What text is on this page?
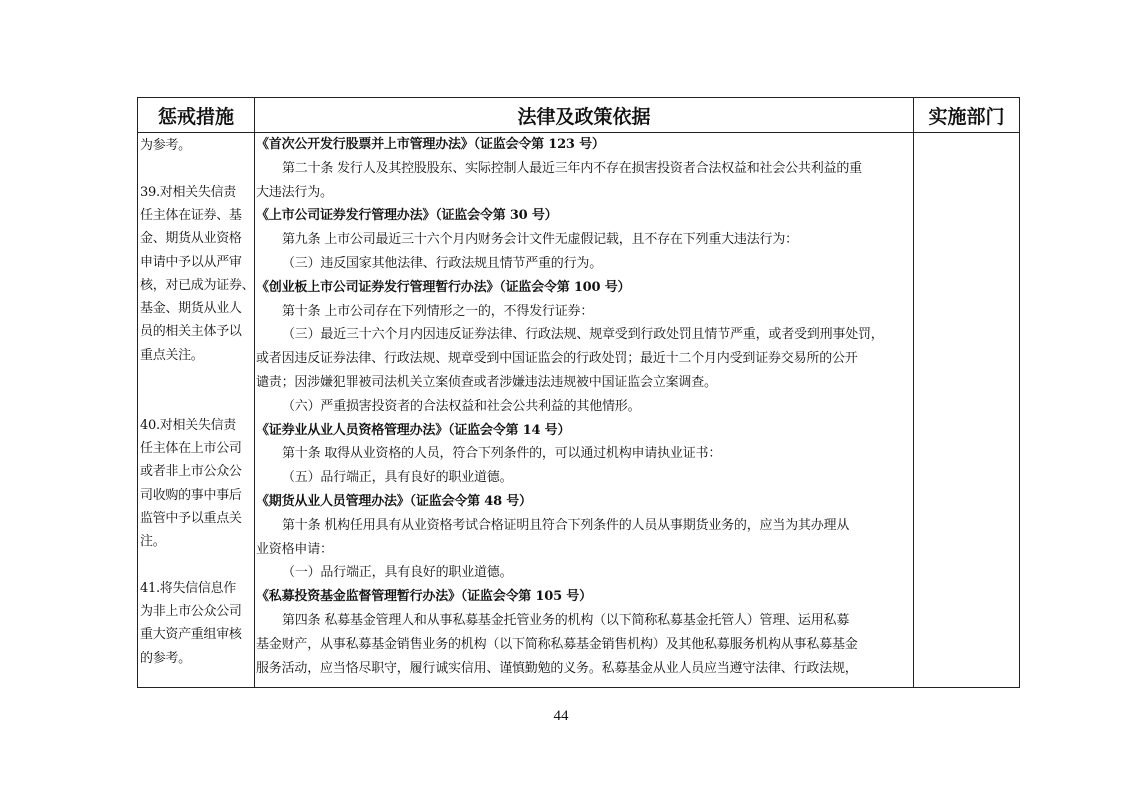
惩戒措施	法律及政策依据	实施部门
为参考。
39.对相关失信责
任主体在证券、基
金、期货从业资格
申请中予以从严审
核，对已成为证券、
基金、期货从业人
员的相关主体予以
重点关注。
40.对相关失信责
任主体在上市公司
或者非上市公众公
司收购的事中事后
监管中予以重点关
注。
41.将失信信息作
为非上市公众公司
重大资产重组审核
的参考。
《首次公开发行股票并上市管理办法》（证监会令第 123 号）
第二十条 发行人及其控股股东、实际控制人最近三年内不存在损害投资者合法权益和社会公共利益的重
大违法行为。
《上市公司证券发行管理办法》（证监会令第 30 号）
第九条 上市公司最近三十六个月内财务会计文件无虚假记载，且不存在下列重大违法行为：
（三）违反国家其他法律、行政法规且情节严重的行为。
《创业板上市公司证券发行管理暂行办法》（证监会令第 100 号）
第十条 上市公司存在下列情形之一的，不得发行证券：
（三）最近三十六个月内因违反证券法律、行政法规、规章受到行政处罚且情节严重，或者受到刑事处罚，
或者因违反证券法律、行政法规、规章受到中国证监会的行政处罚；最近十二个月内受到证券交易所的公开
谴责；因涉嫌犯罪被司法机关立案侦查或者涉嫌违法违规被中国证监会立案调查。
（六）严重损害投资者的合法权益和社会公共利益的其他情形。
《证券业从业人员资格管理办法》（证监会令第 14 号）
第十条 取得从业资格的人员，符合下列条件的，可以通过机构申请执业证书：
（五）品行端正，具有良好的职业道德。
《期货从业人员管理办法》（证监会令第 48 号）
第十条 机构任用具有从业资格考试合格证明且符合下列条件的人员从事期货业务的，应当为其办理从
业资格申请：
（一）品行端正，具有良好的职业道德。
《私募投资基金监督管理暂行办法》（证监会令第 105 号）
第四条 私募基金管理人和从事私募基金托管业务的机构（以下简称私募基金托管人）管理、运用私募
基金财产，从事私募基金销售业务的机构（以下简称私募基金销售机构）及其他私募服务机构从事私募基金
服务活动，应当恪尽职守，履行诚实信用、谨慎勤勉的义务。私募基金从业人员应当遵守法律、行政法规，
44
